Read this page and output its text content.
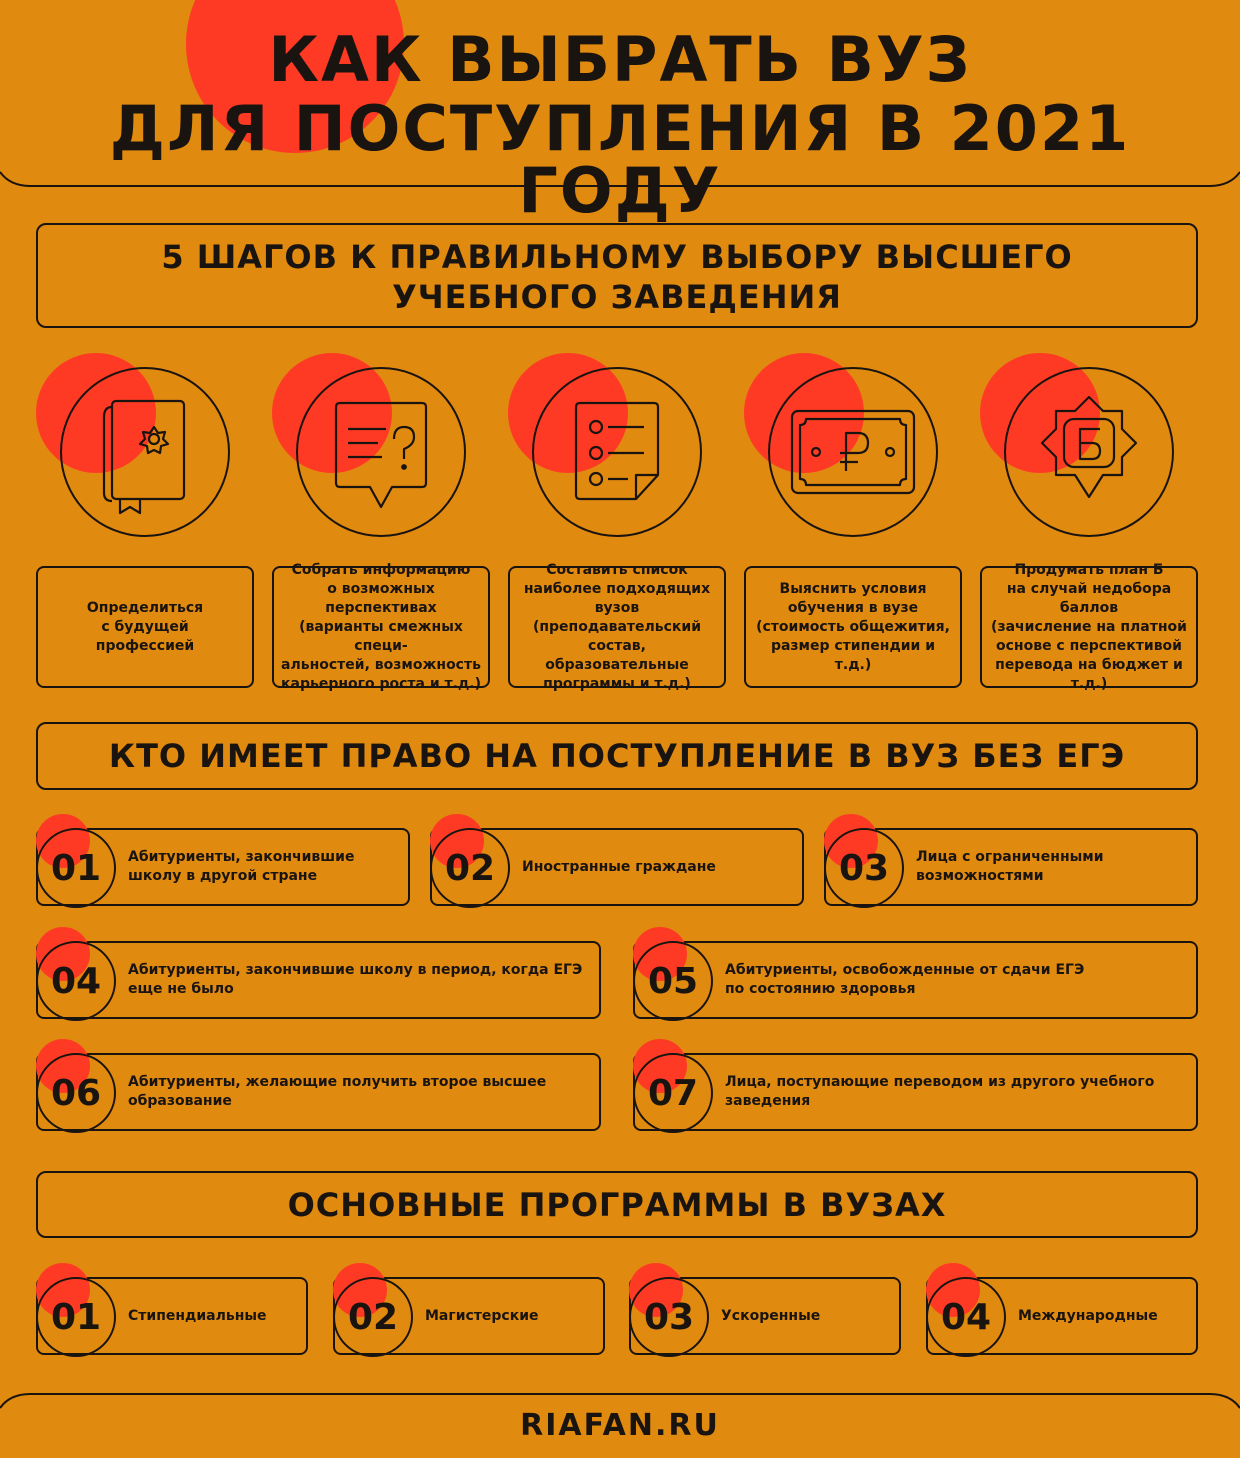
КАК ВЫБРАТЬ ВУЗ
ДЛЯ ПОСТУПЛЕНИЯ В 2021 ГОДУ
5 ШАГОВ К ПРАВИЛЬНОМУ ВЫБОРУ ВЫСШЕГО УЧЕБНОГО ЗАВЕДЕНИЯ
Определиться
с будущей
профессией
Собрать информацию
о возможных перспективах
(варианты смежных специ-
альностей, возможность
карьерного роста и т.д.)
Составить список
наиболее подходящих
вузов (преподавательский
состав, образовательные
программы и т.д.)
Выяснить условия
обучения в вузе
(стоимость общежития,
размер стипендии и т.д.)
Продумать план Б
на случай недобора баллов
(зачисление на платной
основе с перспективой
перевода на бюджет и т.д.)
КТО ИМЕЕТ ПРАВО НА ПОСТУПЛЕНИЕ В ВУЗ БЕЗ ЕГЭ
01	Абитуриенты, закончившие
школу в другой стране	02	Иностранные граждане	03	Лица с ограниченными
возможностями
04	Абитуриенты, закончившие школу в период, когда ЕГЭ
еще не было	05	Абитуриенты, освобожденные от сдачи ЕГЭ
по состоянию здоровья
06	Абитуриенты, желающие получить второе высшее
образование	07	Лица, поступающие переводом из другого учебного
заведения
ОСНОВНЫЕ ПРОГРАММЫ В ВУЗАХ
01	Стипендиальные	02	Магистерские	03	Ускоренные	04	Международные
RIAFAN.RU
